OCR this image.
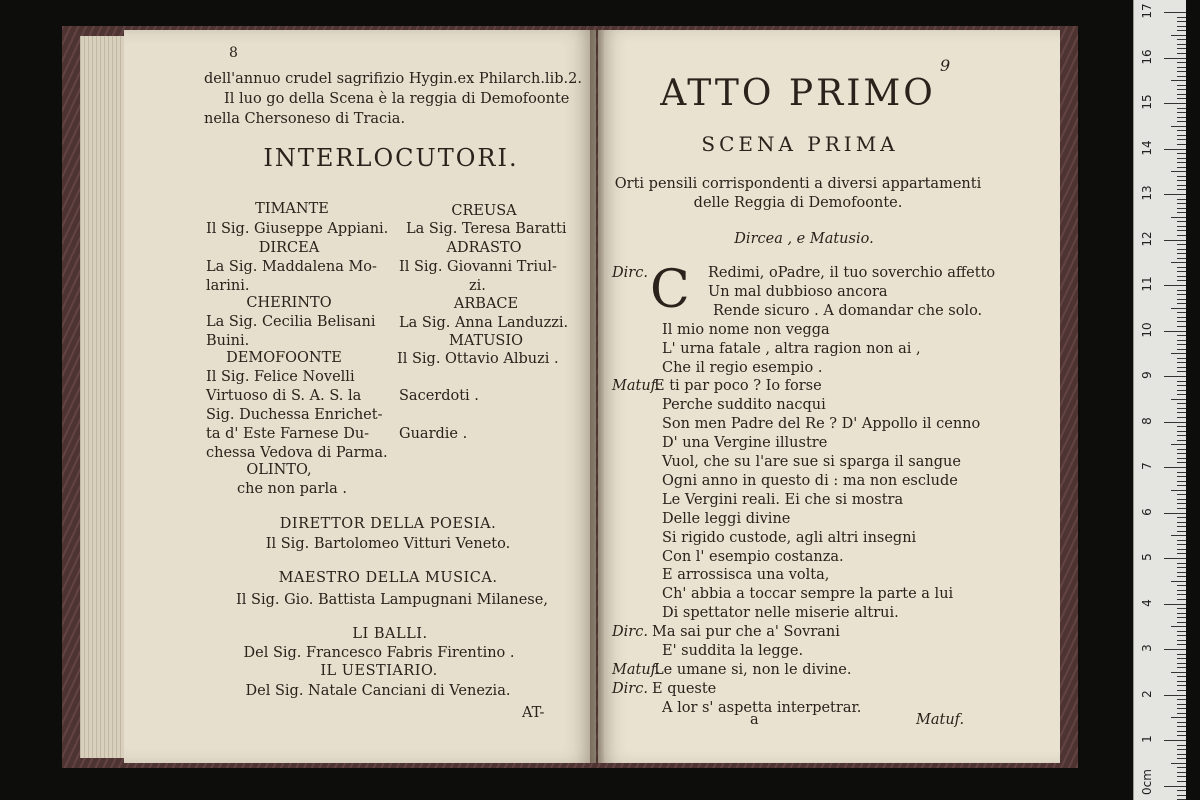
8
dell'annuo crudel sagrifizio Hygin.ex Philarch.lib.2.
Il luo go della Scena è la reggia di Demofoonte
nella Chersoneso di Tracia.
INTERLOCUTORI.
TIMANTE
Il Sig. Giuseppe Appiani.
DIRCEA
La Sig. Maddalena Mo-
larini.
CHERINTO
La Sig. Cecilia Belisani
Buini.
DEMOFOONTE
Il Sig. Felice Novelli
Virtuoso di S. A. S. la
Sig. Duchessa Enrichet-
ta d' Este Farnese Du-
chessa Vedova di Parma.
OLINTO,
che non parla .
CREUSA
La Sig. Teresa Baratti
ADRASTO
Il Sig. Giovanni Triul-
zi.
ARBACE
La Sig. Anna Landuzzi.
MATUSIO
Il Sig. Ottavio Albuzi .
Sacerdoti .
Guardie .
DIRETTOR DELLA POESIA.
Il Sig. Bartolomeo Vitturi Veneto.
MAESTRO DELLA MUSICA.
Il Sig. Gio. Battista Lampugnani Milanese,
LI BALLI.
Del Sig. Francesco Fabris Firentino .
IL UESTIARIO.
Del Sig. Natale Canciani di Venezia.
AT-
9
ATTO PRIMO
SCENA PRIMA
Orti pensili corrispondenti a diversi appartamenti
delle Reggia di Demofoonte.
Dircea , e Matusio.
C
Dirc.	Redimi, oPadre, il tuo soverchio affetto
Un mal dubbioso ancora
Rende sicuro . A domandar che solo.
Il mio nome non vegga
L' urna fatale , altra ragion non ai ,
Che il regio esempio .
Matuf.
E ti par poco ? Io forse
Perche suddito nacqui
Son men Padre del Re ? D' Appollo il cenno
D' una Vergine illustre
Vuol, che su l'are sue si sparga il sangue
Ogni anno in questo di : ma non esclude
Le Vergini reali. Ei che si mostra
Delle leggi divine
Si rigido custode, agli altri insegni
Con l' esempio costanza.
E arrossisca una volta,
Ch' abbia a toccar sempre la parte a lui
Di spettator nelle miserie altrui.
Dirc. Ma sai pur che a' Sovrani
E' suddita la legge.
Matuf.
Le umane si, non le divine.
Dirc. E queste
A lor s' aspetta interpetrar.
a	Matuf.
17
16
15
14
13
12
11
10
9
8
7
6
5
4
3
2
1
0cm
